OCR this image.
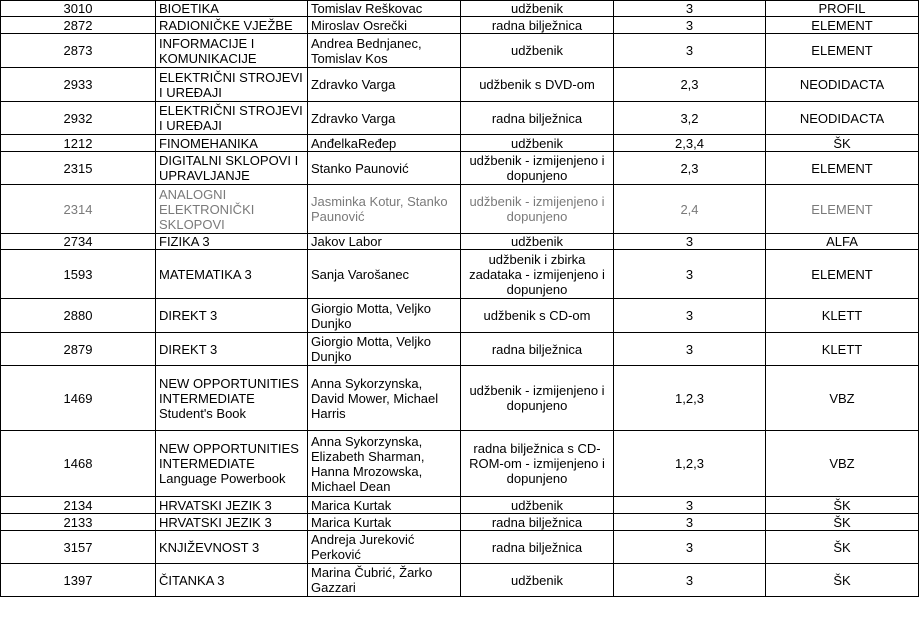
3010	BIOETIKA	Tomislav Reškovac	udžbenik	3	PROFIL
2872	RADIONIČKE VJEŽBE	Miroslav Osrečki	radna bilježnica	3	ELEMENT
2873	INFORMACIJE I KOMUNIKACIJE	Andrea Bednjanec, Tomislav Kos	udžbenik	3	ELEMENT
2933	ELEKTRIČNI STROJEVI I UREĐAJI	Zdravko Varga	udžbenik s DVD-om	2,3	NEODIDACTA
2932	ELEKTRIČNI STROJEVI I UREĐAJI	Zdravko Varga	radna bilježnica	3,2	NEODIDACTA
1212	FINOMEHANIKA	AnđelkaReđep	udžbenik	2,3,4	ŠK
2315	DIGITALNI SKLOPOVI I UPRAVLJANJE	Stanko Paunović	udžbenik - izmijenjeno i dopunjeno	2,3	ELEMENT
2314	ANALOGNI ELEKTRONIČKI SKLOPOVI	Jasminka Kotur, Stanko Paunović	udžbenik - izmijenjeno i dopunjeno	2,4	ELEMENT
2734	FIZIKA 3	Jakov Labor	udžbenik	3	ALFA
1593	MATEMATIKA 3	Sanja Varošanec	udžbenik i zbirka zadataka - izmijenjeno i dopunjeno	3	ELEMENT
2880	DIREKT 3	Giorgio Motta, Veljko Dunjko	udžbenik s CD-om	3	KLETT
2879	DIREKT 3	Giorgio Motta, Veljko Dunjko	radna bilježnica	3	KLETT
1469	NEW OPPORTUNITIES INTERMEDIATE Student's Book	Anna Sykorzynska, David Mower, Michael Harris	udžbenik - izmijenjeno i dopunjeno	1,2,3	VBZ
1468	NEW OPPORTUNITIES INTERMEDIATE Language Powerbook	Anna Sykorzynska, Elizabeth Sharman, Hanna Mrozowska, Michael Dean	radna bilježnica s CD-ROM-om - izmijenjeno i dopunjeno	1,2,3	VBZ
2134	HRVATSKI JEZIK 3	Marica Kurtak	udžbenik	3	ŠK
2133	HRVATSKI JEZIK 3	Marica Kurtak	radna bilježnica	3	ŠK
3157	KNJIŽEVNOST 3	Andreja Jureković Perković	radna bilježnica	3	ŠK
1397	ČITANKA 3	Marina Čubrić, Žarko Gazzari	udžbenik	3	ŠK
